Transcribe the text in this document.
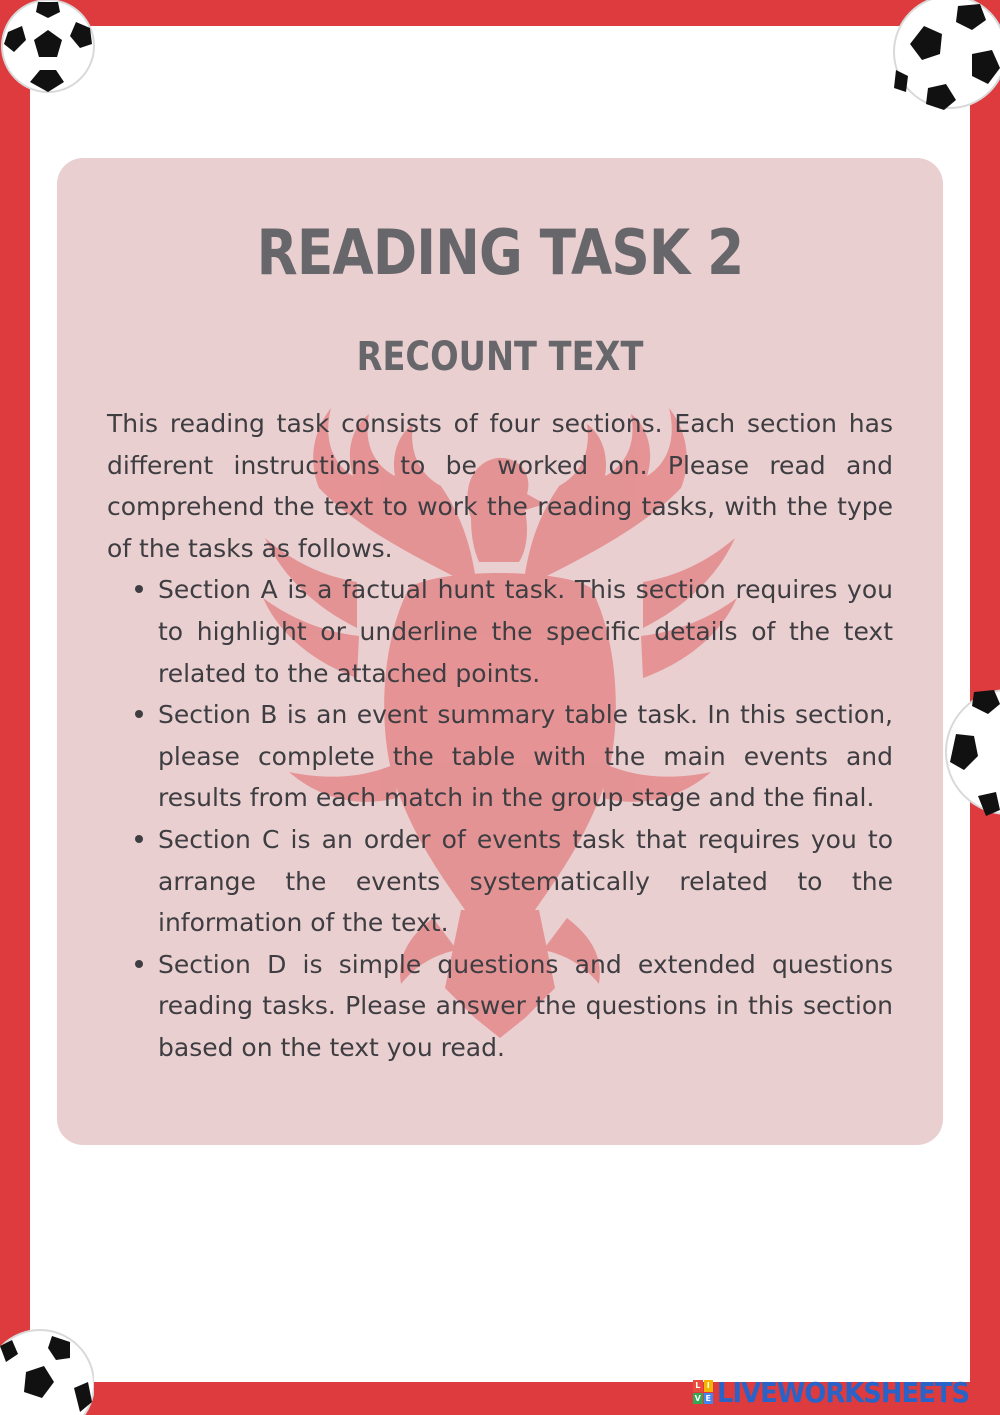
READING TASK 2
RECOUNT TEXT

This reading task consists of four sections. Each section has different instructions to be worked on. Please read and comprehend the text to work the reading tasks, with the type of the tasks as follows.

Section A is a factual hunt task. This section requires you to highlight or underline the specific details of the text related to the attached points.
Section B is an event summary table task. In this section, please complete the table with the main events and results from each match in the group stage and the final.
Section C is an order of events task that requires you to arrange the events systematically related to the information of the text.
Section D is simple questions and extended questions reading tasks. Please answer the questions in this section based on the text you read.
L I
V E LIVEWORKSHEETS
